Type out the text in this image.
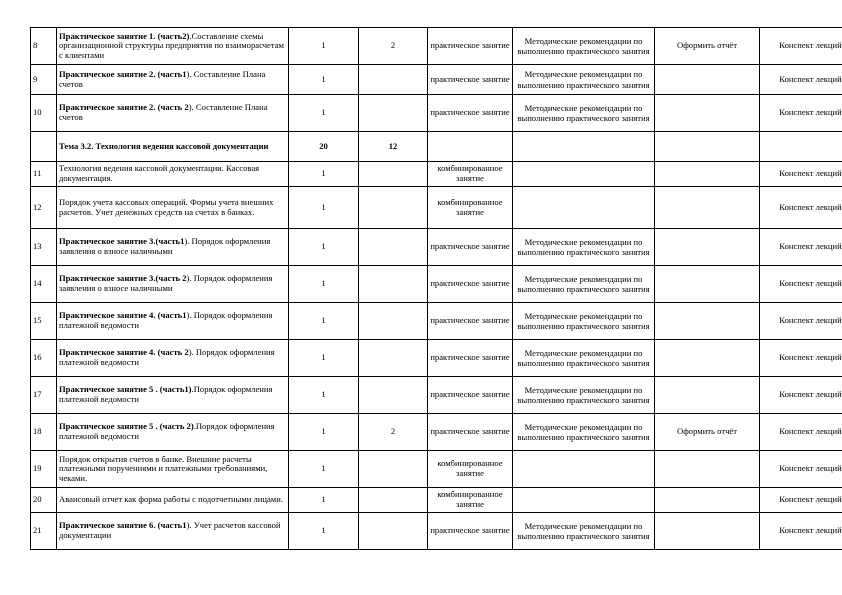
8	Практическое занятие 1. (часть2).Составление схемы организационной структуры предприятия по взаиморасчетам с клиентами	1	2	практическое занятие	Методические рекомендации по выполнению практического занятия	Оформить отчёт	Конспект лекций
9	Практическое занятие 2. (часть1). Составление Плана счетов	1		практическое занятие	Методические рекомендации по выполнению практического занятия		Конспект лекций
10	Практическое занятие 2. (часть 2). Составление Плана счетов	1		практическое занятие	Методические рекомендации по выполнению практического занятия		Конспект лекций
	Тема 3.2. Технология ведения кассовой документации	20	12				
11	Технология ведения кассовой документации. Кассовая документация.	1		комбинированное занятие			Конспект лекций
12	Порядок учета кассовых операций. Формы учета внешних расчетов. Учет денежных средств на счетах в банках.	1		комбинированное занятие			Конспект лекций
13	Практическое занятие 3.(часть1). Порядок оформления заявления о взносе наличными	1		практическое занятие	Методические рекомендации по выполнению практического занятия		Конспект лекций
14	Практическое занятие 3.(часть 2). Порядок оформления заявления о взносе наличными	1		практическое занятие	Методические рекомендации по выполнению практического занятия		Конспект лекций
15	Практическое занятие 4. (часть1). Порядок оформления платежной ведомости	1		практическое занятие	Методические рекомендации по выполнению практического занятия		Конспект лекций
16	Практическое занятие 4. (часть 2). Порядок оформления платежной ведомости	1		практическое занятие	Методические рекомендации по выполнению практического занятия		Конспект лекций
17	Практическое занятие 5 . (часть1).Порядок оформления платежной ведомости	1		практическое занятие	Методические рекомендации по выполнению практического занятия		Конспект лекций
18	Практическое занятие 5 . (часть 2).Порядок оформления платежной ведомости	1	2	практическое занятие	Методические рекомендации по выполнению практического занятия	Оформить отчёт	Конспект лекций
19	Порядок открытия счетов в банке. Внешние расчеты платежными поручениями и платежными требованиями, чеками.	1		комбинированное занятие			Конспект лекций
20	Авансовый отчет как форма работы с подотчетными лицами.	1		комбинированное занятие			Конспект лекций
21	Практическое занятие 6. (часть1). Учет расчетов кассовой документации	1		практическое занятие	Методические рекомендации по выполнению практического занятия		Конспект лекций
